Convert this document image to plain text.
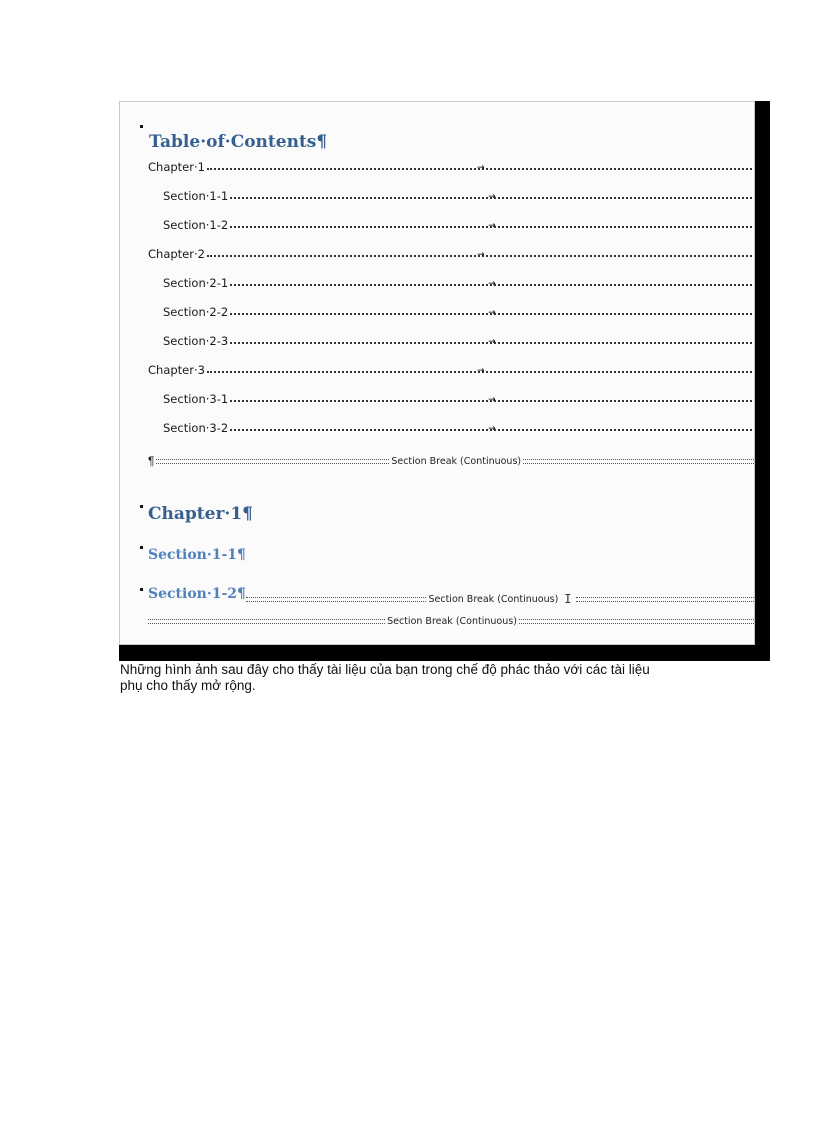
Table·of·Contents¶
Chapter·1	→
Section·1-1	→
Section·1-2	→
Chapter·2	→
Section·2-1	→
Section·2-2	→
Section·2-3	→
Chapter·3	→
Section·3-1	→
Section·3-2	→
¶	Section Break (Continuous)
Chapter·1¶
Section·1-1¶
Section·1-2¶	Section Break (Continuous) I
Section Break (Continuous)

Những hình ảnh sau đây cho thấy tài liệu của bạn trong chế độ phác thảo với các tài liệu

phụ cho thấy mở rộng.
